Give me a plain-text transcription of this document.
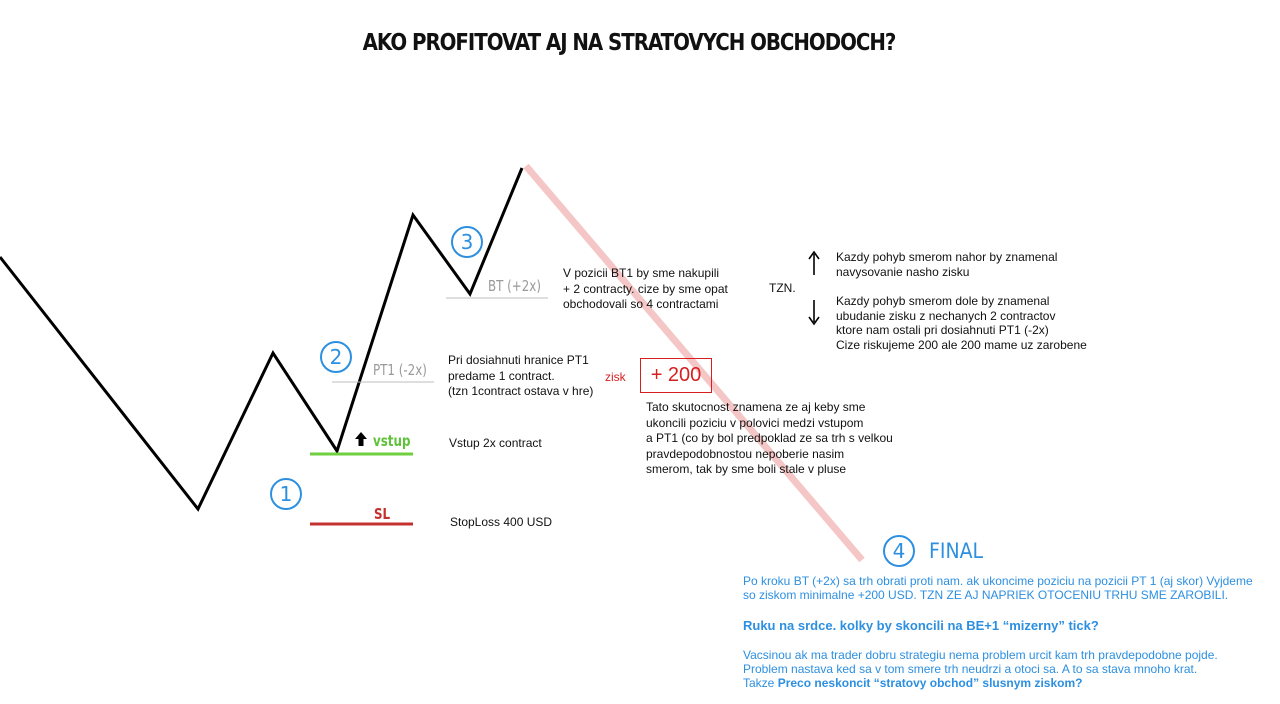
AKO PROFITOVAT AJ NA STRATOVYCH OBCHODOCH?
BT (+2x)
PT1 (-2x)
vstup
SL
1
2
3
4
V pozicii BT1 by sme nakupili
+ 2 contracty. cize by sme opat
obchodovali so 4 contractami
Pri dosiahnuti hranice PT1
predame 1 contract.
(tzn 1contract ostava v hre)
Vstup 2x contract
StopLoss 400 USD
zisk	+ 200
Tato skutocnost znamena ze aj keby sme
ukoncili poziciu v polovici medzi vstupom
a PT1 (co by bol predpoklad ze sa trh s velkou
pravdepodobnostou nepoberie nasim
smerom, tak by sme boli stale v pluse
TZN.
Kazdy pohyb smerom nahor by znamenal
navysovanie nasho zisku
Kazdy pohyb smerom dole by znamenal
ubudanie zisku z nechanych 2 contractov
ktore nam ostali pri dosiahnuti PT1 (-2x)
Cize riskujeme 200 ale 200 mame uz zarobene
FINAL
Po kroku BT (+2x) sa trh obrati proti nam. ak ukoncime poziciu na pozicii PT 1 (aj skor) Vyjdeme
so ziskom minimalne +200 USD. TZN ZE AJ NAPRIEK OTOCENIU TRHU SME ZAROBILI.
Ruku na srdce. kolky by skoncili na BE+1 “mizerny” tick?
Vacsinou ak ma trader dobru strategiu nema problem urcit kam trh pravdepodobne pojde.
Problem nastava ked sa v tom smere trh neudrzi a otoci sa. A to sa stava mnoho krat.
Takze Preco neskoncit “stratovy obchod” slusnym ziskom?
